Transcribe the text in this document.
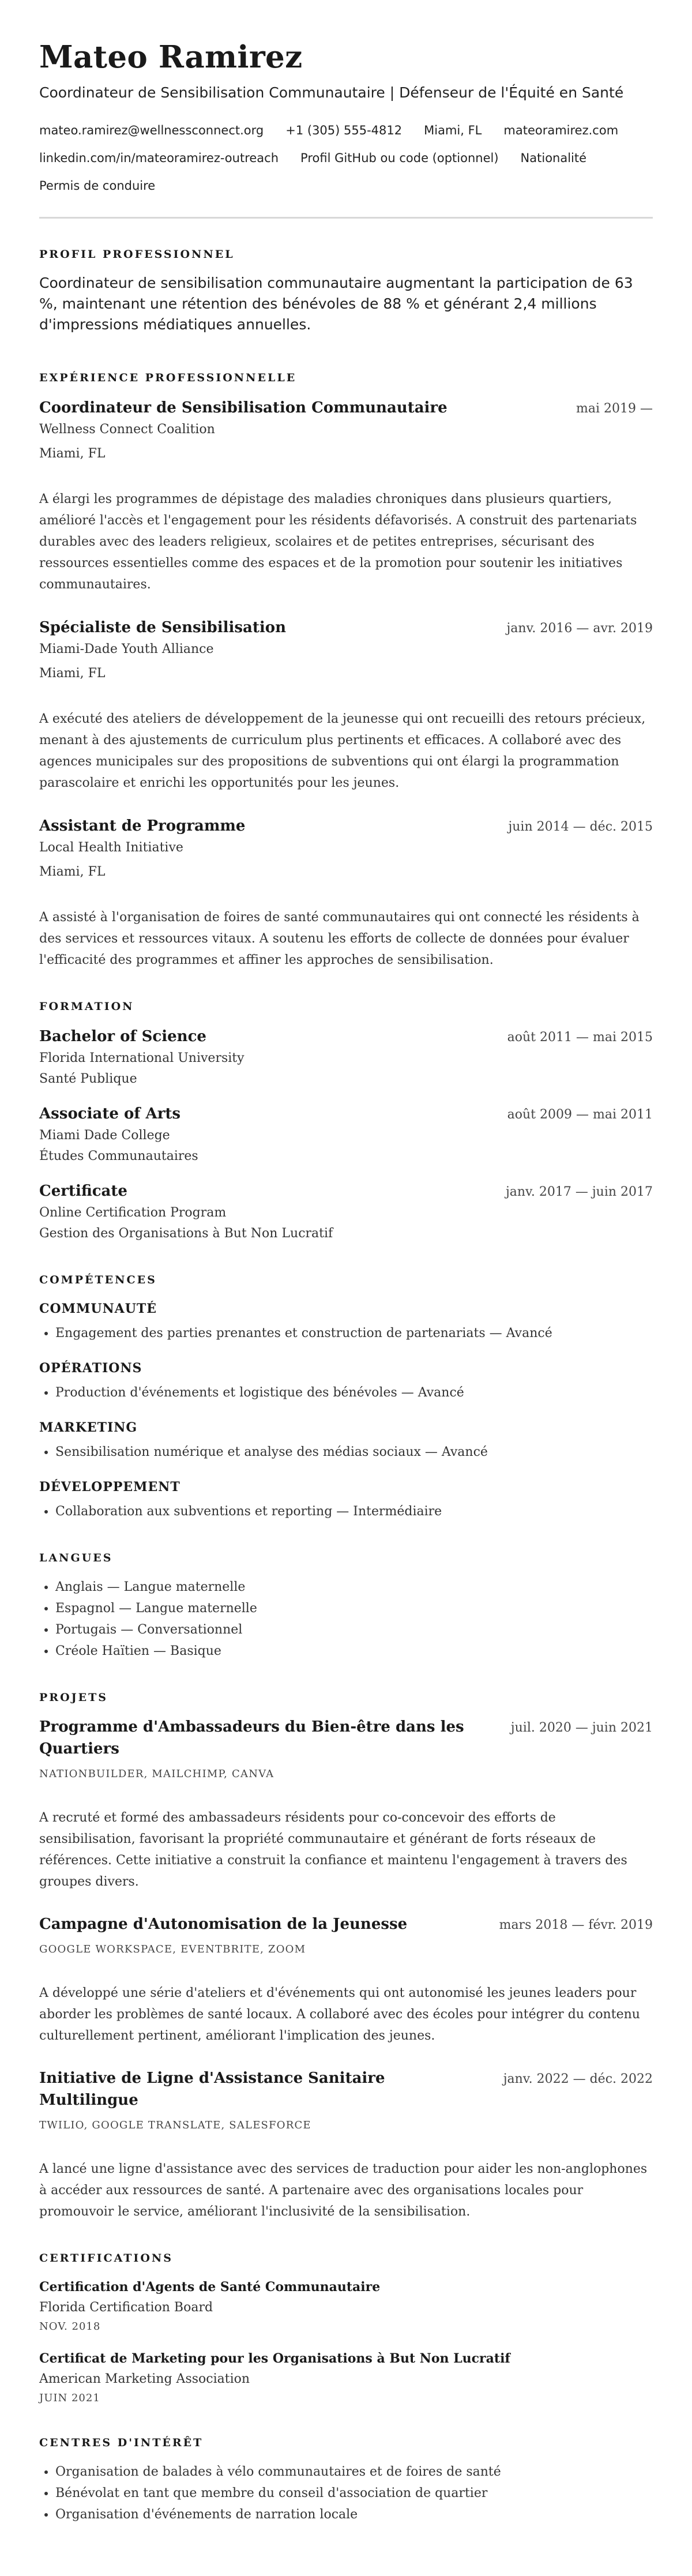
Mateo Ramirez
Coordinateur de Sensibilisation Communautaire | Défenseur de l'Équité en Santé
mateo.ramirez@wellnessconnect.org +1 (305) 555-4812 Miami, FL mateoramirez.com
linkedin.com/in/mateoramirez-outreach Profil GitHub ou code (optionnel) Nationalité
Permis de conduire
PROFIL PROFESSIONNEL

Coordinateur de sensibilisation communautaire augmentant la participation de 63 %, maintenant une rétention des bénévoles de 88 % et générant 2,4 millions d'impressions médiatiques annuelles.

EXPÉRIENCE PROFESSIONNELLE
Coordinateur de Sensibilisation Communautaire	mai 2019 —
Wellness Connect Coalition
Miami, FL
A élargi les programmes de dépistage des maladies chroniques dans plusieurs quartiers, amélioré l'accès et l'engagement pour les résidents défavorisés. A construit des partenariats durables avec des leaders religieux, scolaires et de petites entreprises, sécurisant des ressources essentielles comme des espaces et de la promotion pour soutenir les initiatives communautaires.
Spécialiste de Sensibilisation	janv. 2016 — avr. 2019
Miami-Dade Youth Alliance
Miami, FL
A exécuté des ateliers de développement de la jeunesse qui ont recueilli des retours précieux, menant à des ajustements de curriculum plus pertinents et efficaces. A collaboré avec des agences municipales sur des propositions de subventions qui ont élargi la programmation parascolaire et enrichi les opportunités pour les jeunes.
Assistant de Programme	juin 2014 — déc. 2015
Local Health Initiative
Miami, FL
A assisté à l'organisation de foires de santé communautaires qui ont connecté les résidents à des services et ressources vitaux. A soutenu les efforts de collecte de données pour évaluer l'efficacité des programmes et affiner les approches de sensibilisation.
FORMATION
Bachelor of Science	août 2011 — mai 2015
Florida International University
Santé Publique
Associate of Arts	août 2009 — mai 2011
Miami Dade College
Études Communautaires
Certificate	janv. 2017 — juin 2017
Online Certification Program
Gestion des Organisations à But Non Lucratif
COMPÉTENCES
COMMUNAUTÉ
• Engagement des parties prenantes et construction de partenariats — Avancé
OPÉRATIONS
• Production d'événements et logistique des bénévoles — Avancé
MARKETING
• Sensibilisation numérique et analyse des médias sociaux — Avancé
DÉVELOPPEMENT
• Collaboration aux subventions et reporting — Intermédiaire
LANGUES
• Anglais — Langue maternelle
• Espagnol — Langue maternelle
• Portugais — Conversationnel
• Créole Haïtien — Basique
PROJETS
Programme d'Ambassadeurs du Bien-être dans les Quartiers
juil. 2020 — juin 2021
NATIONBUILDER, MAILCHIMP, CANVA
A recruté et formé des ambassadeurs résidents pour co-concevoir des efforts de sensibilisation, favorisant la propriété communautaire et générant de forts réseaux de références. Cette initiative a construit la confiance et maintenu l'engagement à travers des groupes divers.
Campagne d'Autonomisation de la Jeunesse	mars 2018 — févr. 2019
GOOGLE WORKSPACE, EVENTBRITE, ZOOM
A développé une série d'ateliers et d'événements qui ont autonomisé les jeunes leaders pour aborder les problèmes de santé locaux. A collaboré avec des écoles pour intégrer du contenu culturellement pertinent, améliorant l'implication des jeunes.
Initiative de Ligne d'Assistance Sanitaire Multilingue
janv. 2022 — déc. 2022
TWILIO, GOOGLE TRANSLATE, SALESFORCE
A lancé une ligne d'assistance avec des services de traduction pour aider les non-anglophones à accéder aux ressources de santé. A partenaire avec des organisations locales pour promouvoir le service, améliorant l'inclusivité de la sensibilisation.
CERTIFICATIONS
Certification d'Agents de Santé Communautaire
Florida Certification Board
NOV. 2018
Certificat de Marketing pour les Organisations à But Non Lucratif
American Marketing Association
JUIN 2021
CENTRES D'INTÉRÊT
• Organisation de balades à vélo communautaires et de foires de santé
• Bénévolat en tant que membre du conseil d'association de quartier
• Organisation d'événements de narration locale
